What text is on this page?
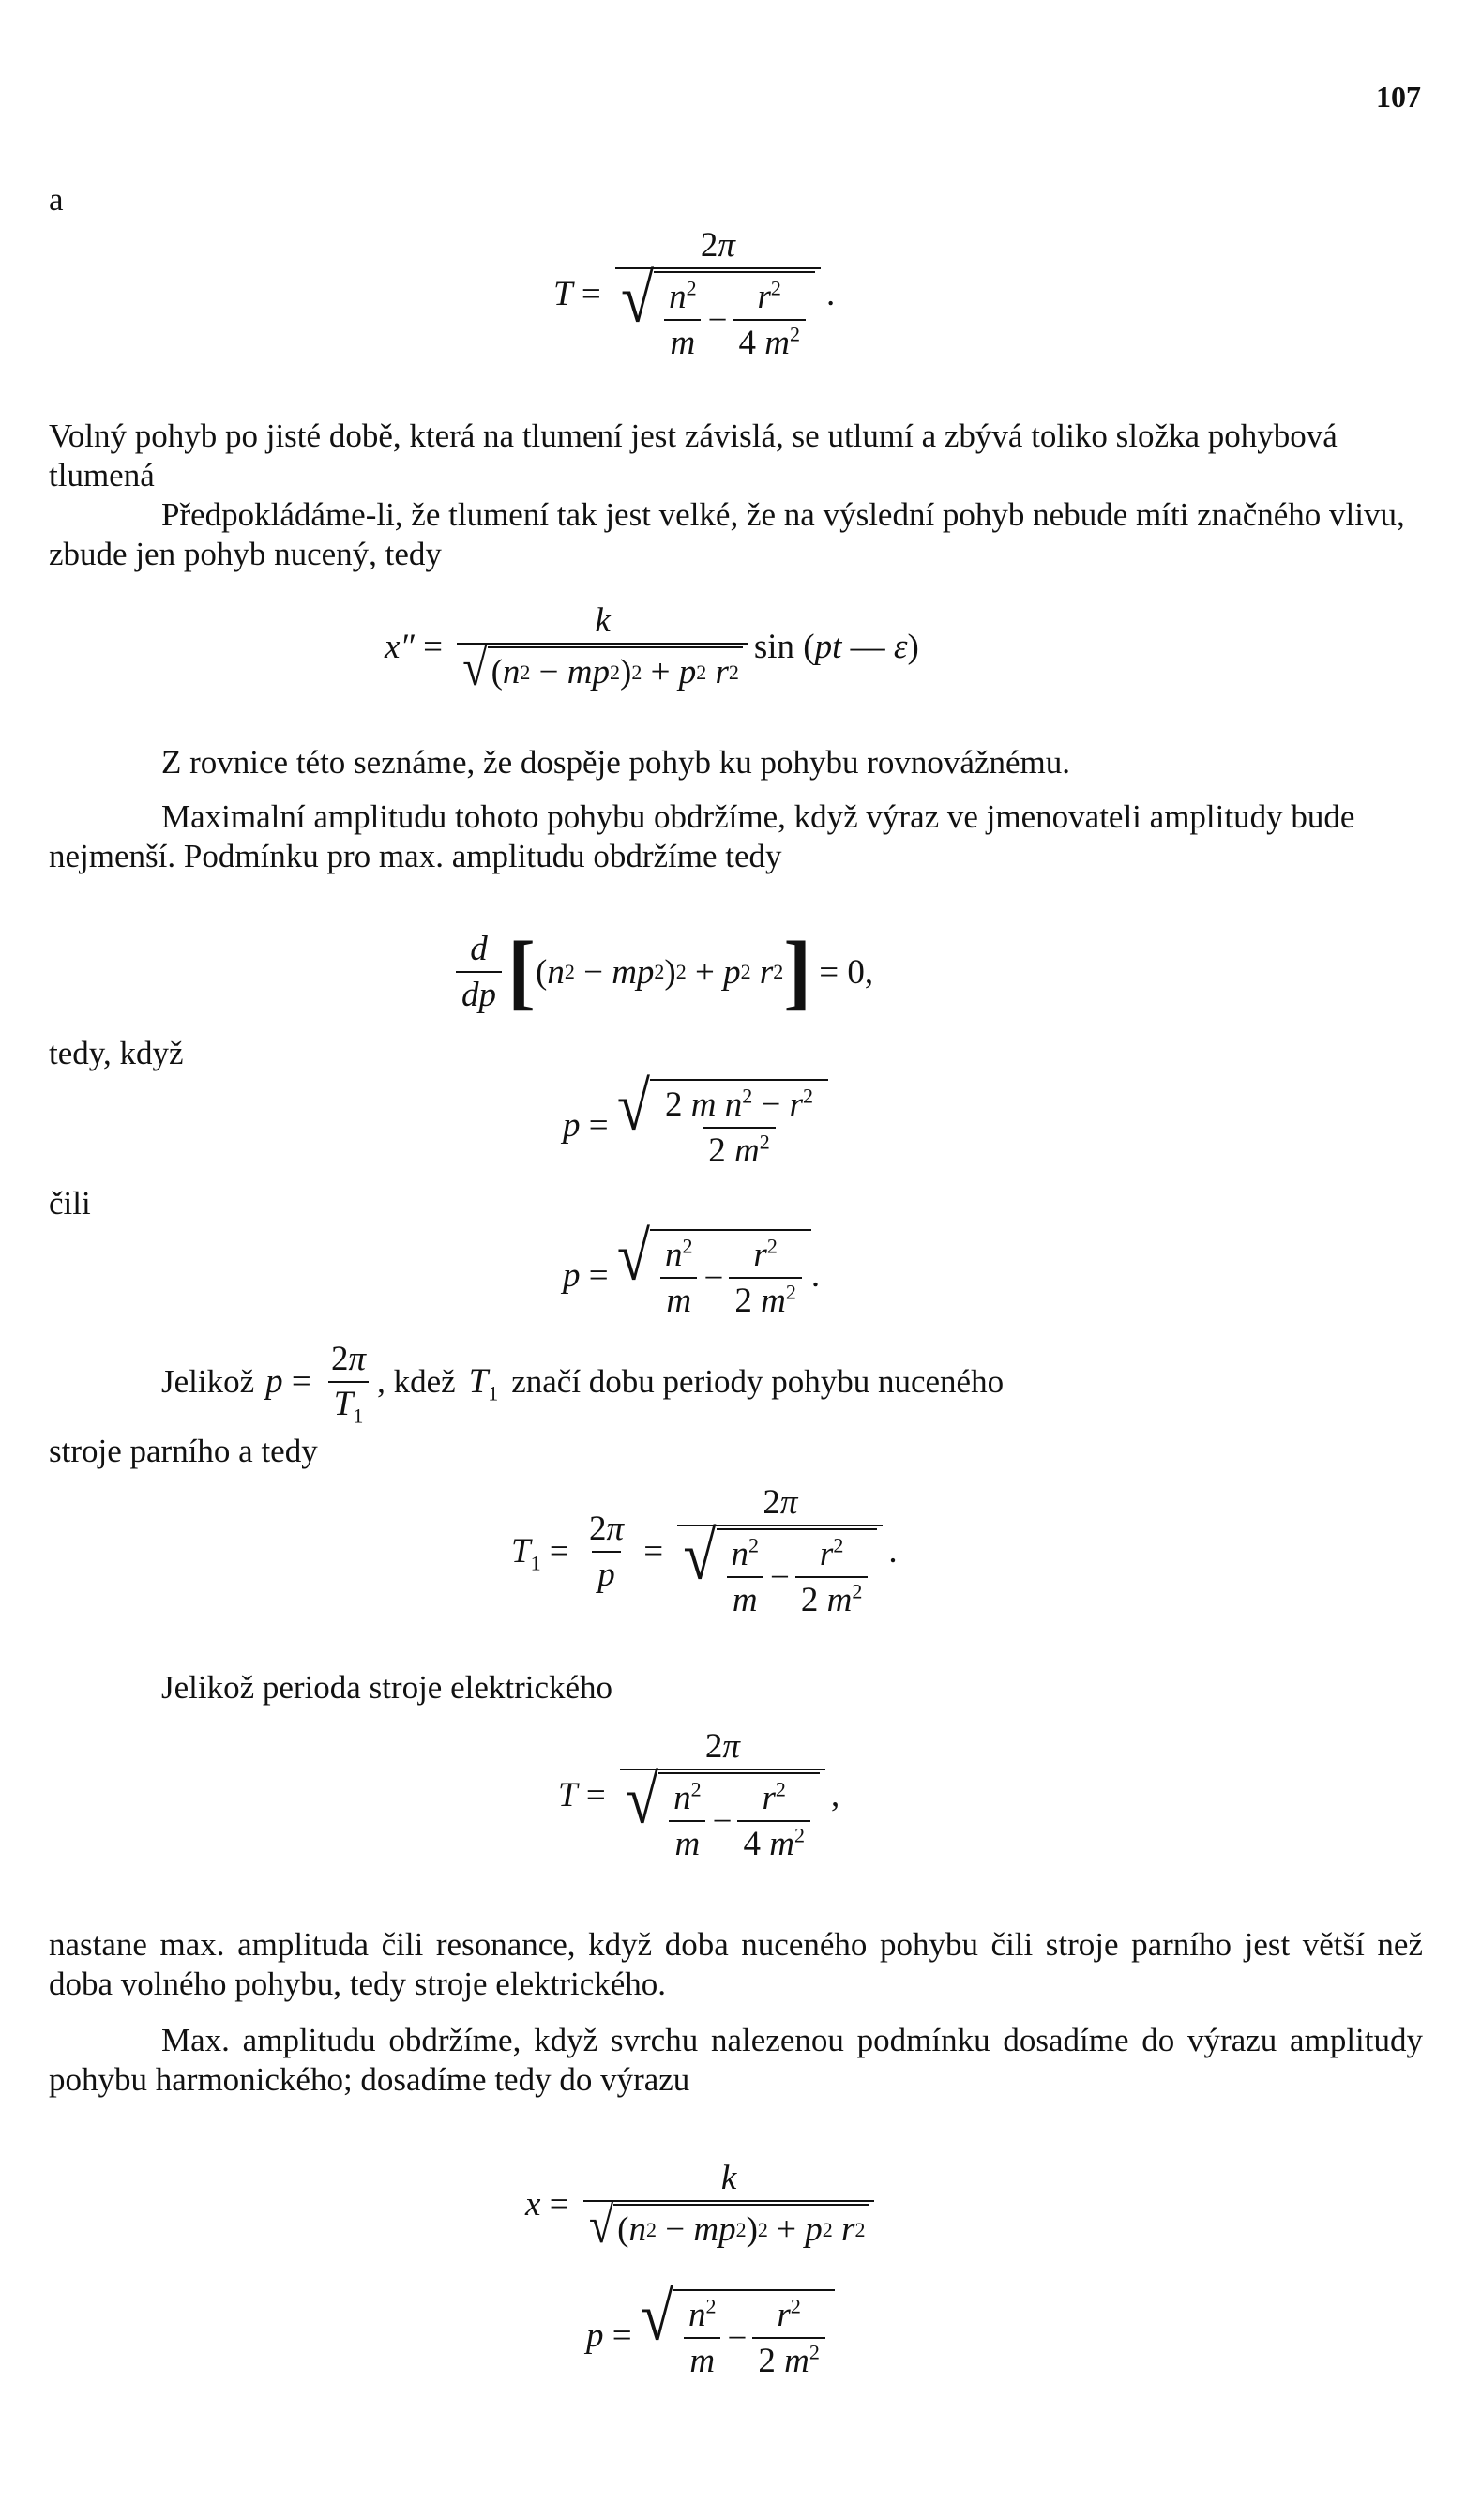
107
a
$T = \frac{2\pi}{√ \frac{n^2}{m} - \frac{r^2}{4 m^2}}$ .
Volný pohyb po jisté době, která na tlumení jest závislá, se utlumí a zbývá toliko složka pohybová tlumená
Předpokládáme-li, že tlumení tak jest velké, že na výslední pohyb nebude míti značného vlivu, zbude jen pohyb nucený, tedy
$x'' = \frac{k}{√ ( n 2 - mp 2 ) 2 + p 2 r 2}$ sin ( pt — ε )
Z rovnice této seznáme, že dospěje pohyb ku pohybu rovnovážnému.
Maximalní amplitudu tohoto pohybu obdržíme, když výraz ve jmenovateli amplitudy bude nejmenší. Podmínku pro max. amplitudu obdržíme tedy
$\frac{d}{dp}$ [ ( n 2 − mp 2 ) 2 + p 2 r 2 ] = 0,
tedy, když
p = √ $\frac{2 m n^2 - r^2}{2 m^2}$
čili
p = √ $\frac{n^2}{m} - \frac{r^2}{2 m^2}$ .
Jelikož $p = \frac{2\pi}{T_1}$ , kdež $T_1$ značí dobu periody pohybu nuceného
stroje parního a tedy
$T_1 = \frac{2\pi}{p} = \frac{2\pi}{√ \frac{n^2}{m} - \frac{r^2}{2 m^2}}$ .
Jelikož perioda stroje elektrického
$T = \frac{2\pi}{√ \frac{n^2}{m} - \frac{r^2}{4 m^2}}$ ,
nastane max. amplituda čili resonance, když doba nuceného pohybu čili stroje parního jest větší než doba volného pohybu, tedy stroje elektrického.
Max. amplitudu obdržíme, když svrchu nalezenou podmínku dosadíme do výrazu amplitudy pohybu harmonického; dosadíme tedy do výrazu
$x = \frac{k}{√ ( n 2 - mp 2 ) 2 + p 2 r 2}$
p = √ $\frac{n^2}{m} - \frac{r^2}{2 m^2}$
